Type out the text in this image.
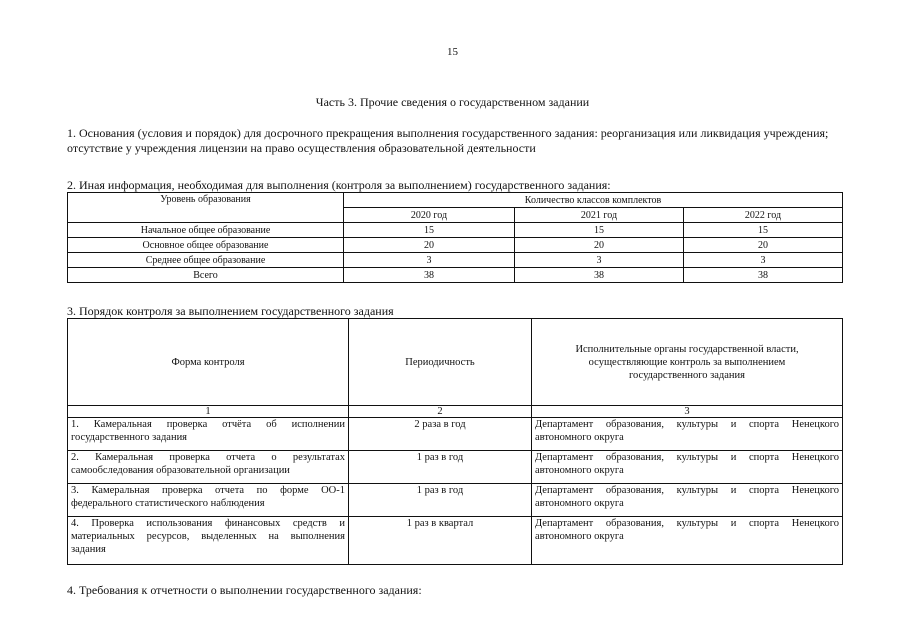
15
Часть 3. Прочие сведения о государственном задании
1. Основания (условия и порядок) для досрочного прекращения выполнения государственного задания: реорганизация или ликвидация учреждения; отсутствие у учреждения лицензии на право осуществления образовательной деятельности
2. Иная информация, необходимая для выполнения (контроля за выполнением) государственного задания:
Уровень образования	Количество классов комплектов		
	2020 год	2021 год	2022 год
Начальное общее образование	15	15	15
Основное общее образование	20	20	20
Среднее общее образование	3	3	3
Всего	38	38	38
3. Порядок контроля за выполнением государственного задания
Форма контроля	Периодичность	Исполнительные органы государственной власти, осуществляющие контроль за выполнением государственного задания
1	2	3
1. Камеральная проверка отчёта об исполнении государственного задания	2 раза в год	Департамент образования, культуры и спорта Ненецкого автономного округа
2. Камеральная проверка отчета о результатах самообследования образовательной организации	1 раз в год	Департамент образования, культуры и спорта Ненецкого автономного округа
3. Камеральная проверка отчета по форме ОО-1 федерального статистического наблюдения	1 раз в год	Департамент образования, культуры и спорта Ненецкого автономного округа
4. Проверка использования финансовых средств и материальных ресурсов, выделенных на выполнения задания	1 раз в квартал	Департамент образования, культуры и спорта Ненецкого автономного округа
4. Требования к отчетности о выполнении государственного задания:
